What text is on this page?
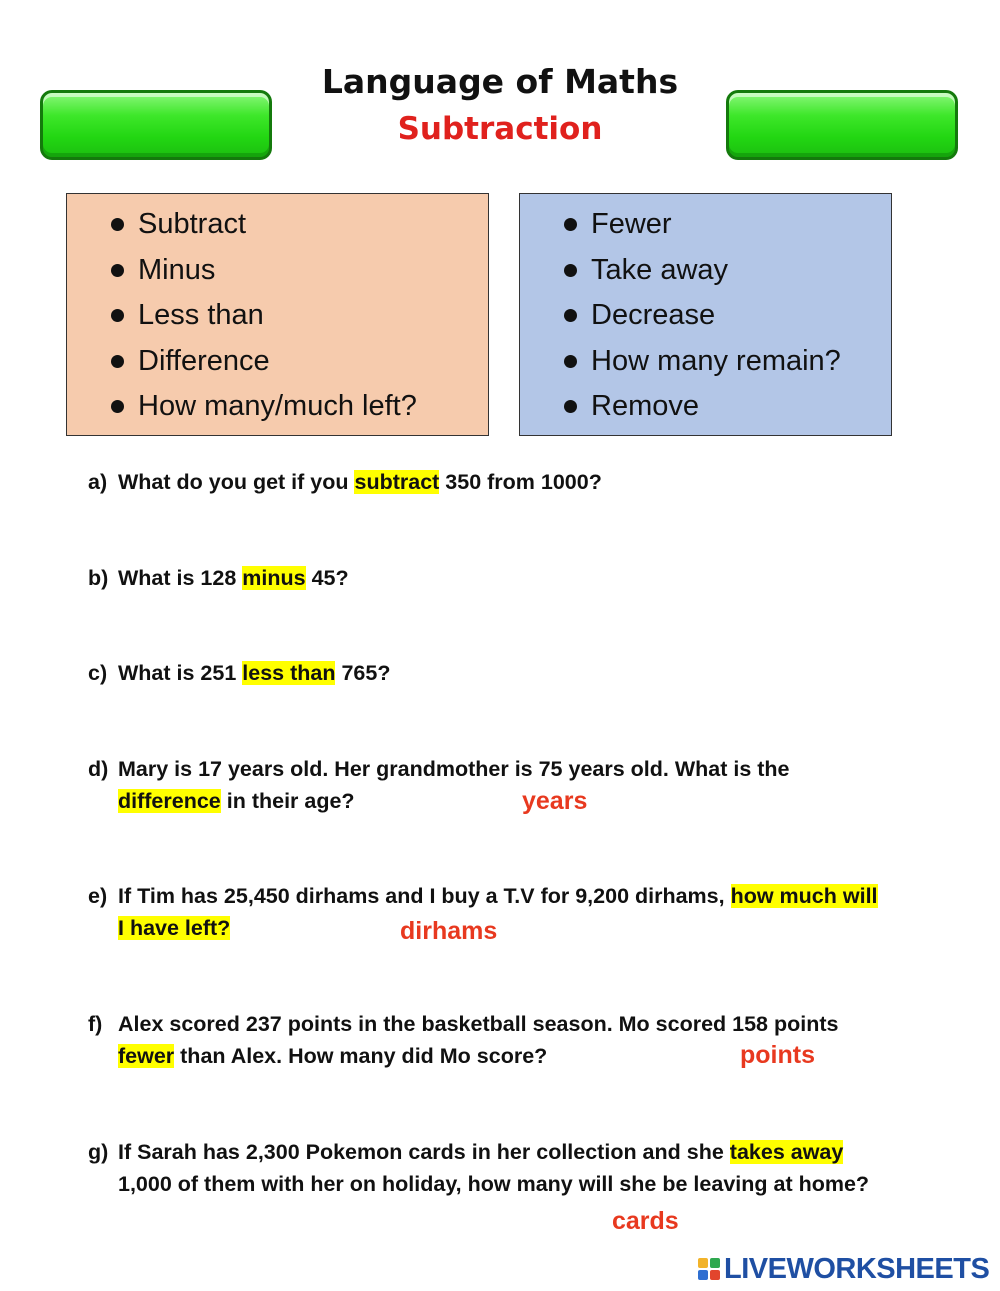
Language of Maths
Subtraction
Subtract
Minus
Less than
Difference
How many/much left?
Fewer
Take away
Decrease
How many remain?
Remove
a) What do you get if you subtract 350 from 1000?
b) What is 128 minus 45?
c) What is 251 less than 765?
d) Mary is 17 years old. Her grandmother is 75 years old. What is the
difference in their age?	years
e) If Tim has 25,450 dirhams and I buy a T.V for 9,200 dirhams, how much will
I have left?	dirhams
f) Alex scored 237 points in the basketball season. Mo scored 158 points
fewer than Alex. How many did Mo score?	points
g) If Sarah has 2,300 Pokemon cards in her collection and she takes away
1,000 of them with her on holiday, how many will she be leaving at home?
cards
LIVEWORKSHEETS
